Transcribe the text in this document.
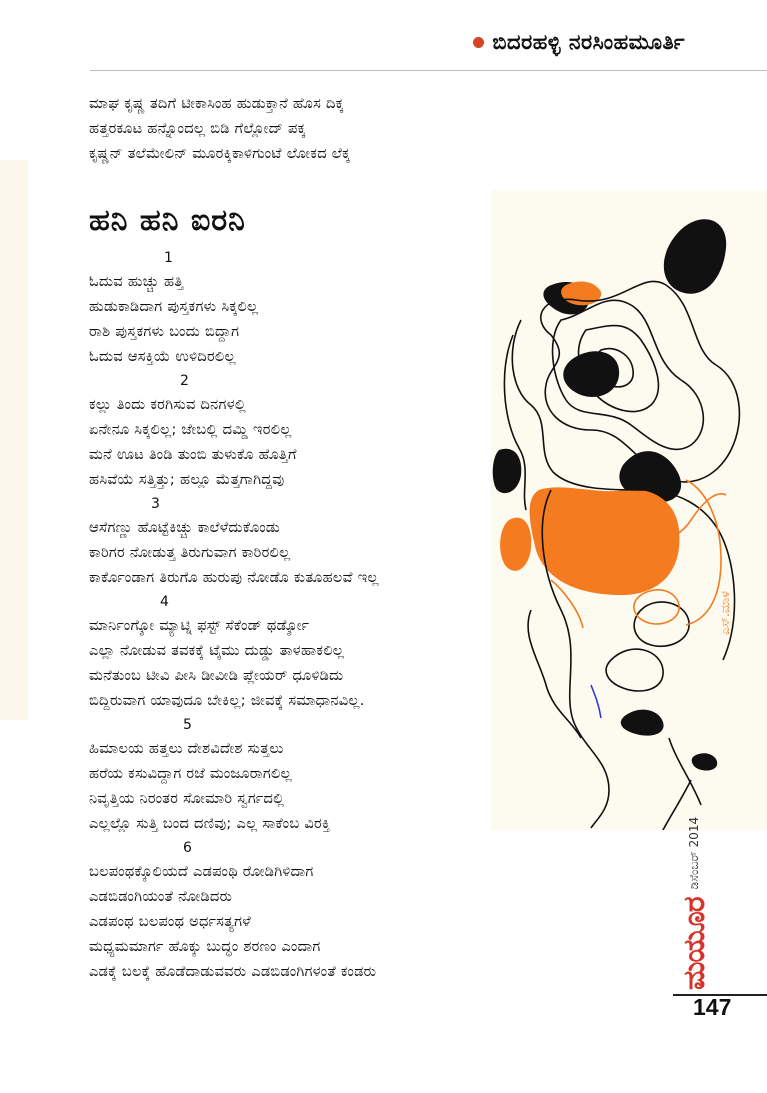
ಬಿದರಹಳ್ಳಿ ನರಸಿಂಹಮೂರ್ತಿ
ಮಾಘ ಕೃಷ್ಣ ತದಿಗೆ ಟೀಕಾಸಿಂಹ ಹುಡುಕ್ತಾನೆ ಹೊಸ ದಿಕ್ಕ
ಹತ್ತರಕೂಟ ಹನ್ನೊಂದಲ್ಲ ಬಿಡಿ ಗೆಲ್ಲೋದ್ ಪಕ್ಕ
ಕೃಷ್ಣನ್ ತಲೆಮೇಲಿನ್ ಮೂರಕ್ಕಿಕಾಳಿಗುಂಟೆ ಲೋಕದ ಲೆಕ್ಕ
ಹನಿ ಹನಿ ಐರನಿ
1
ಓದುವ ಹುಚ್ಚು ಹತ್ತಿ
ಹುಡುಕಾಡಿದಾಗ ಪುಸ್ತಕಗಳು ಸಿಕ್ಕಲಿಲ್ಲ
ರಾಶಿ ಪುಸ್ತಕಗಳು ಬಂದು ಬಿದ್ದಾಗ
ಓದುವ ಆಸಕ್ತಿಯೆ ಉಳಿದಿರಲಿಲ್ಲ
2
ಕಲ್ಲು ತಿಂದು ಕರಗಿಸುವ ದಿನಗಳಲ್ಲಿ
ಏನೇನೂ ಸಿಕ್ಕಲಿಲ್ಲ; ಜೇಬಲ್ಲಿ ದಮ್ಡಿ ಇರಲಿಲ್ಲ
ಮನೆ ಊಟ ತಿಂಡಿ ತುಂಬಿ ತುಳುಕೊ ಹೊತ್ತಿಗೆ
ಹಸಿವೆಯೆ ಸತ್ತಿತ್ತು; ಹಲ್ಲೂ ಮೆತ್ತಗಾಗಿದ್ದವು
3
ಆಸೆಗಣ್ಣು ಹೊಟ್ಟೆಕಿಚ್ಚು ಕಾಲೆಳೆದುಕೊಂಡು
ಕಾರಿಗರ ನೋಡುತ್ತ ತಿರುಗುವಾಗ ಕಾರಿರಲಿಲ್ಲ
ಕಾರ್ಕೊಂಡಾಗ ತಿರುಗೊ ಹುರುಪು ನೋಡೊ ಕುತೂಹಲವೆ ಇಲ್ಲ
4
ಮಾರ್ನಿಂಗ್ಶೋ ಮ್ಯಾಟ್ನಿ ಫಸ್ಟ್ ಸೆಕೆಂಡ್ ಥರ್ಡ್ಶೋ
ಎಲ್ಲಾ ನೋಡುವ ತವಕಕ್ಕೆ ಟೈಮು ದುಡ್ಡು ತಾಳಹಾಕಲಿಲ್ಲ
ಮನೆತುಂಬ ಟೀವಿ ಪೀಸಿ ಡೀವೀಡಿ ಪ್ಲೇಯರ್ ಧೂಳಿಡಿದು
ಬಿದ್ದಿರುವಾಗ ಯಾವುದೂ ಬೇಕಿಲ್ಲ; ಜೀವಕ್ಕೆ ಸಮಾಧಾನವಿಲ್ಲ.
5
ಹಿಮಾಲಯ ಹತ್ತಲು ದೇಶವಿದೇಶ ಸುತ್ತಲು
ಹರೆಯ ಕಸುವಿದ್ದಾಗ ರಜೆ ಮಂಜೂರಾಗಲಿಲ್ಲ
ನಿವೃತ್ತಿಯ ನಿರಂತರ ಸೋಮಾರಿ ಸ್ವರ್ಗದಲ್ಲಿ
ಎಲ್ಲಲ್ಲೊ ಸುತ್ತಿ ಬಂದ ದಣಿವು; ಎಲ್ಲ ಸಾಕೆಂಬ ವಿರಕ್ತಿ
6
ಬಲಪಂಥಕ್ಕೊಲಿಯದೆ ಎಡಪಂಥಿ ರೋಡಿಗಿಳಿದಾಗ
ಎಡಬಿಡಂಗಿಯಂತೆ ನೋಡಿದರು
ಎಡಪಂಥ ಬಲಪಂಥ ಅರ್ಧಸತ್ಯಗಳೆ
ಮಧ್ಯಮಮಾರ್ಗ ಹೊಕ್ಕು ಬುದ್ಧಂ ಶರಣಂ ಎಂದಾಗ
ಎಡಕ್ಕೆ ಬಲಕ್ಕೆ ಹೊಡೆದಾಡುವವರು ಎಡಬಿಡಂಗಿಗಳಂತೆ ಕಂಡರು
ಎಸ್.ಮಾಳ
ಮಯೂರ
ಡಿಸೆಂಬರ್ 2014
147
